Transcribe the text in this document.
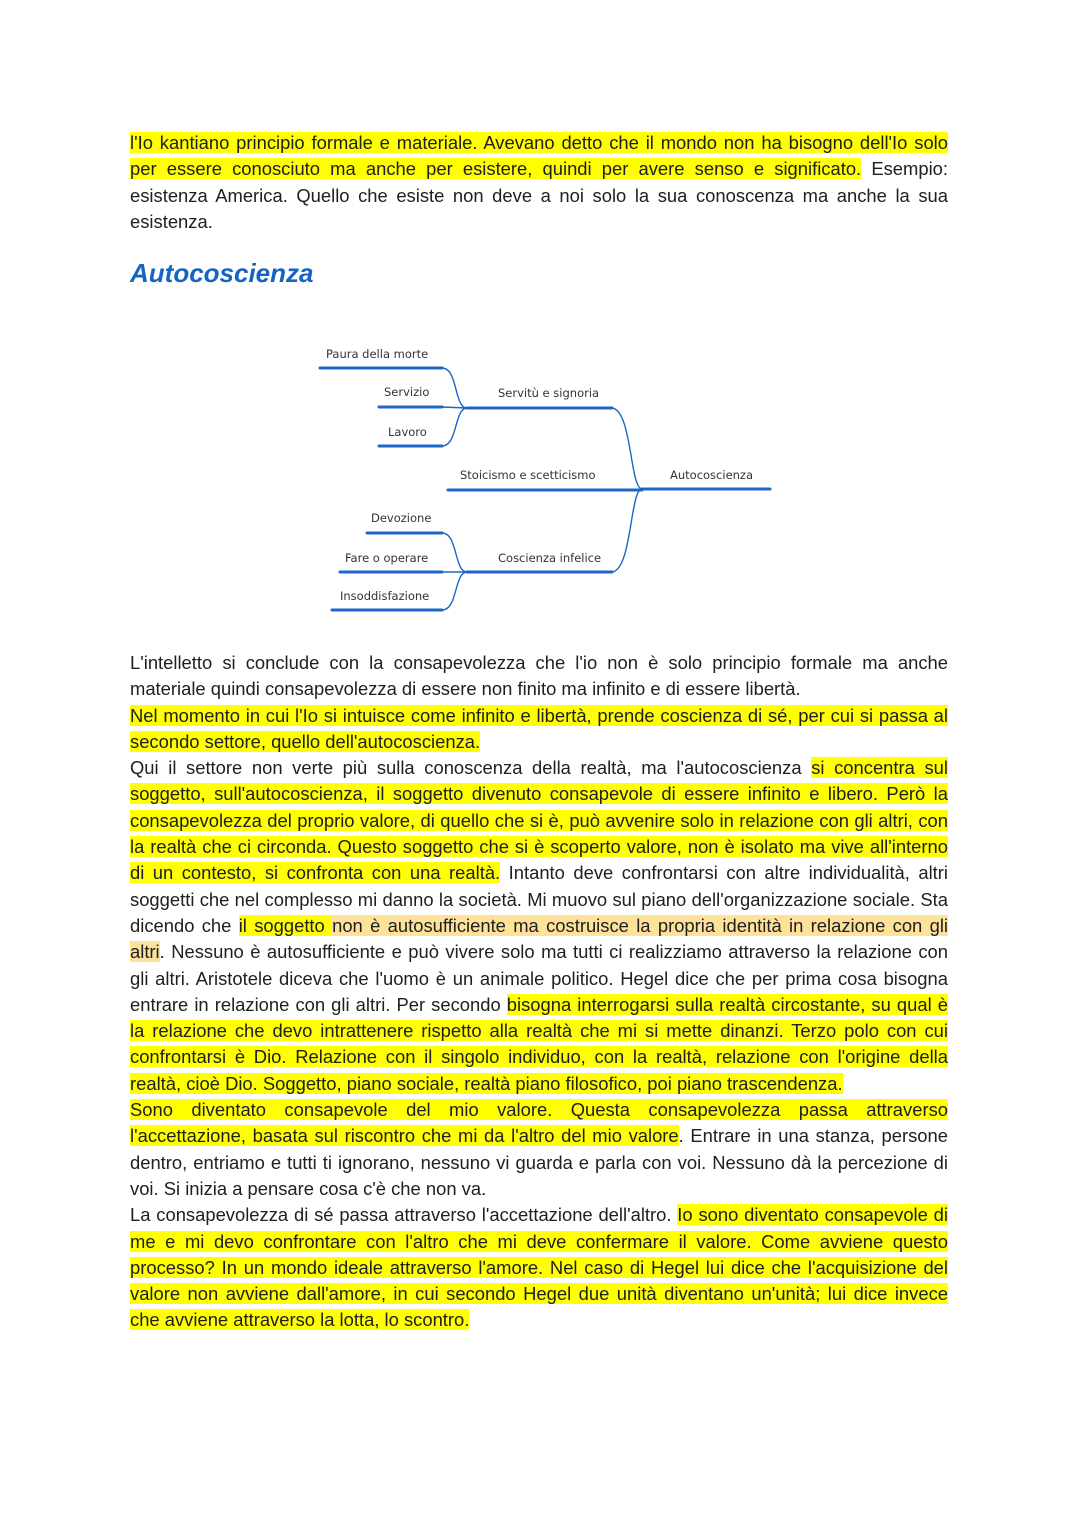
l'Io kantiano principio formale e materiale. Avevano detto che il mondo non ha bisogno dell'Io solo per essere conosciuto ma anche per esistere, quindi per avere senso e significato. Esempio: esistenza America. Quello che esiste non deve a noi solo la sua conoscenza ma anche la sua esistenza.

Autocoscienza
Autocoscienza
Servitù e signoria
Stoicismo e scetticismo
Coscienza infelice
Paura della morte
Servizio
Lavoro
Devozione
Fare o operare
Insoddisfazione

L'intelletto si conclude con la consapevolezza che l'io non è solo principio formale ma anche materiale quindi consapevolezza di essere non finito ma infinito e di essere libertà.

Nel momento in cui l'Io si intuisce come infinito e libertà, prende coscienza di sé, per cui si passa al secondo settore, quello dell'autocoscienza.

Qui il settore non verte più sulla conoscenza della realtà, ma l'autocoscienza si concentra sul soggetto, sull'autocoscienza, il soggetto divenuto consapevole di essere infinito e libero. Però la consapevolezza del proprio valore, di quello che si è, può avvenire solo in relazione con gli altri, con la realtà che ci circonda. Questo soggetto che si è scoperto valore, non è isolato ma vive all'interno di un contesto, si confronta con una realtà. Intanto deve confrontarsi con altre individualità, altri soggetti che nel complesso mi danno la società. Mi muovo sul piano dell'organizzazione sociale. Sta dicendo che il soggetto non è autosufficiente ma costruisce la propria identità in relazione con gli altri. Nessuno è autosufficiente e può vivere solo ma tutti ci realizziamo attraverso la relazione con gli altri. Aristotele diceva che l'uomo è un animale politico. Hegel dice che per prima cosa bisogna entrare in relazione con gli altri. Per secondo bisogna interrogarsi sulla realtà circostante, su qual è la relazione che devo intrattenere rispetto alla realtà che mi si mette dinanzi. Terzo polo con cui confrontarsi è Dio. Relazione con il singolo individuo, con la realtà, relazione con l'origine della realtà, cioè Dio. Soggetto, piano sociale, realtà piano filosofico, poi piano trascendenza.

Sono diventato consapevole del mio valore. Questa consapevolezza passa attraverso l'accettazione, basata sul riscontro che mi da l'altro del mio valore. Entrare in una stanza, persone dentro, entriamo e tutti ti ignorano, nessuno vi guarda e parla con voi. Nessuno dà la percezione di voi. Si inizia a pensare cosa c'è che non va.

La consapevolezza di sé passa attraverso l'accettazione dell'altro. Io sono diventato consapevole di me e mi devo confrontare con l'altro che mi deve confermare il valore. Come avviene questo processo? In un mondo ideale attraverso l'amore. Nel caso di Hegel lui dice che l'acquisizione del valore non avviene dall'amore, in cui secondo Hegel due unità diventano un'unità; lui dice invece che avviene attraverso la lotta, lo scontro.
